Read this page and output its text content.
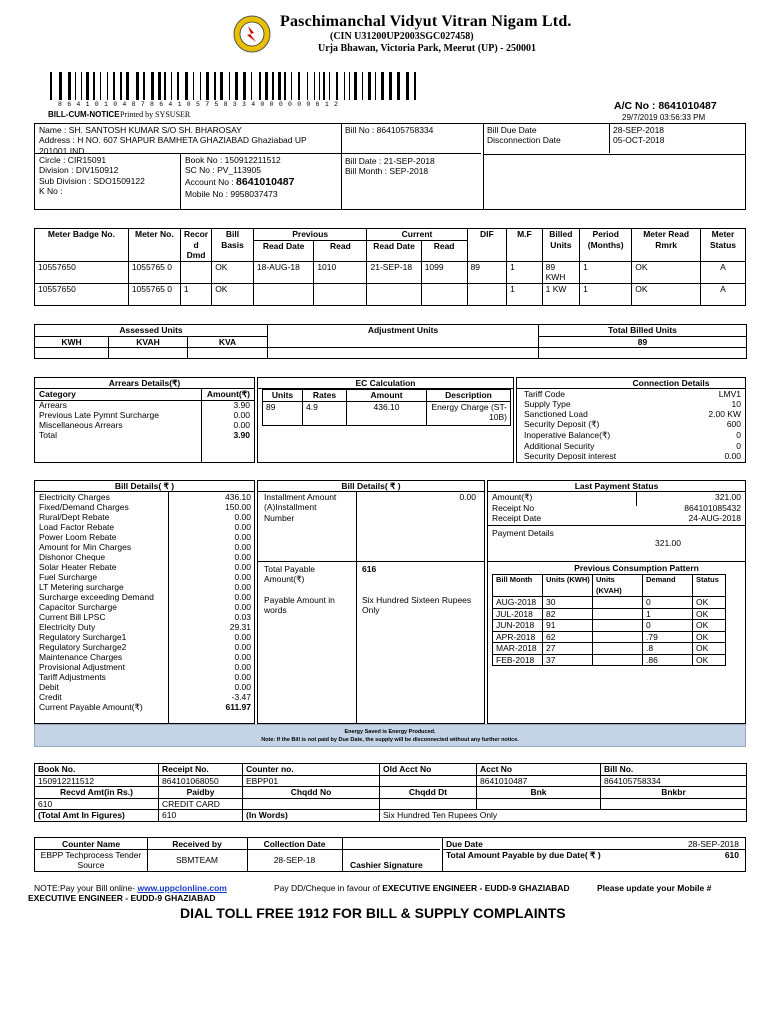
Paschimanchal Vidyut Vitran Nigam Ltd.
(CIN U31200UP2003SGC027458)
Urja Bhawan, Victoria Park, Meerut (UP) - 250001
8641010487864105758334000000612
BILL-CUM-NOTICE Printed by SYSUSER
A/C No : 8641010487
29/7/2019 03:56:33 PM
Name : SH. SANTOSH KUMAR S/O SH. BHAROSAY
Address : H NO. 607 SHAPUR BAMHETA GHAZIABAD Ghaziabad UP
201001 IND
Circle : CIR15091
Division : DIV150912
Sub Division : SDO1509122
K No :
Book No : 150912211512
SC No : PV_113905
Account No : 8641010487
Mobile No : 9958037473
Bill No : 864105758334
Bill Date : 21-SEP-2018
Bill Month : SEP-2018
Bill Due Date
Disconnection Date
28-SEP-2018
05-OCT-2018
Meter Badge No.	Meter No.	Recor d Dmd	Bill Basis	Previous		Current		DIF	M.F	Billed Units	Period (Months)	Meter Read Rmrk	Meter Status
				Read Date	Read	Read Date	Read						
10557650	1055765 0		OK	18-AUG-18	1010	21-SEP-18	1099	89	1	89 KWH	1	OK	A
10557650	1055765 0	1	OK						1	1 KW	1	OK	A
Assessed Units			Adjustment Units	Total Billed Units
KWH	KVAH	KVA		89

Arrears Details(₹)
Category	Amount(₹)
Arrears	3.90
Previous Late Pymnt Surcharge	0.00
Miscellaneous Arrears	0.00
Total	3.90
EC Calculation
Units	Rates	Amount	Description
89	4.9	436.10	Energy Charge (ST-10B)
Connection Details
Tariff Code	LMV1
Supply Type	10
Sanctioned Load	2.00 KW
Security Deposit (₹)	600
Inoperative Balance(₹)	0
Additional Security	0
Security Deposit interest	0.00
Bill Details( ₹ )
Electricity Charges	436.10
Fixed/Demand Charges	150.00
Rural/Dept Rebate	0.00
Load Factor Rebate	0.00
Power Loom Rebate	0.00
Amount for Min Charges	0.00
Dishonor Cheque	0.00
Solar Heater Rebate	0.00
Fuel Surcharge	0.00
LT Metering surcharge	0.00
Surcharge exceeding Demand	0.00
Capacitor Surcharge	0.00
Current Bill LPSC	0.03
Electricity Duty	29.31
Regulatory Surcharge1	0.00
Regulatory Surcharge2	0.00
Maintenance Charges	0.00
Provisional Adjustment	0.00
Tariff Adjustments	0.00
Debit	0.00
Credit	-3.47
Current Payable Amount(₹)	611.97
Bill Details( ₹ )
Installment Amount
(A)Installment
Number
0.00
Total Payable
Amount(₹)
616
Payable Amount in
words
Six Hundred Sixteen Rupees
Only
Last Payment Status
Amount(₹)	321.00
Receipt No	864101085432
Receipt Date	24-AUG-2018
Payment Details
321.00
Previous Consumption Pattern
Bill Month	Units (KWH)	Units (KVAH)	Demand	Status
AUG-2018	30		0	OK
JUL-2018	82		1	OK
JUN-2018	91		0	OK
APR-2018	62		.79	OK
MAR-2018	27		.8	OK
FEB-2018	37		.86	OK
Energy Saved is Energy Produced.
Note: If the Bill is not paid by Due Date, the supply will be disconnected without any further notice.
Book No.	Receipt No.	Counter no.	Old Acct No	Acct No	Bill No.
150912211512	864101068050	EBPP01		8641010487	864105758334
Recvd Amt(in Rs.)	Paidby	Chqdd No	Chqdd Dt	Bnk	Bnkbr
610	CREDIT CARD				
(Total Amt In Figures)	610	(In Words)	Six Hundred Ten Rupees Only		
Counter Name	Received by	Collection Date
EBPP Techprocess Tender Source	SBMTEAM	28-SEP-18	Cashier Signature
Due Date	28-SEP-2018
Total Amount Payable by due Date( ₹ )	610
NOTE:Pay your Bill online- www.uppclonline.com	Pay DD/Cheque in favour of EXECUTIVE ENGINEER - EUDD-9 GHAZIABAD	Please update your Mobile #
EXECUTIVE ENGINEER - EUDD-9 GHAZIABAD
DIAL TOLL FREE 1912 FOR BILL & SUPPLY COMPLAINTS
